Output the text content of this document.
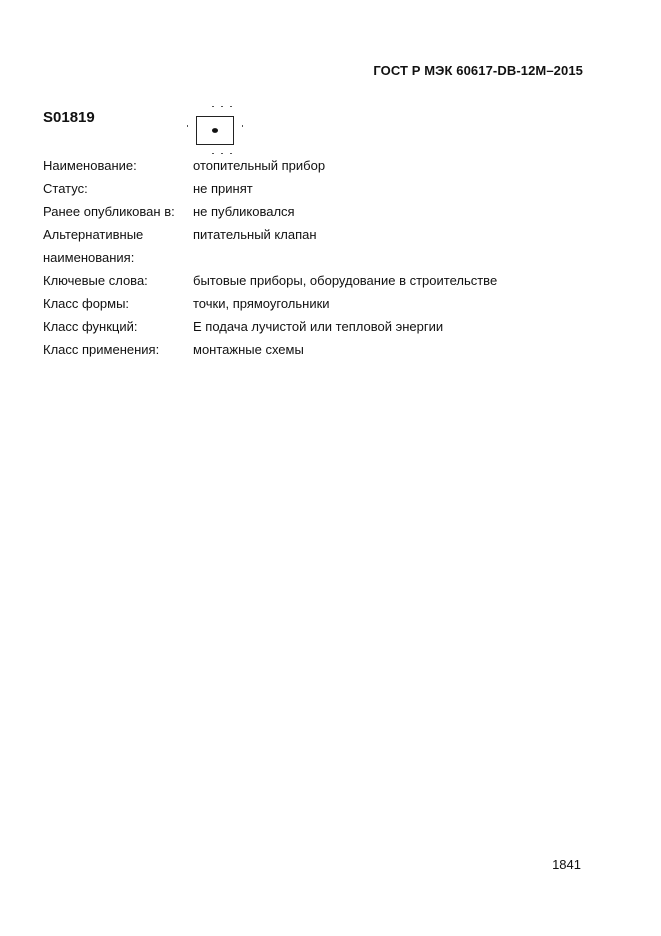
ГОСТ Р МЭК 60617-DB-12M–2015
S01819
Наименование:	отопительный прибор
Статус:	не принят
Ранее опубликован в:	не публиковался
Альтернативные наименования:
питательный клапан
Ключевые слова:	бытовые приборы, оборудование в строительстве
Класс формы:	точки, прямоугольники
Класс функций:	E подача лучистой или тепловой энергии
Класс применения:	монтажные схемы
1841
